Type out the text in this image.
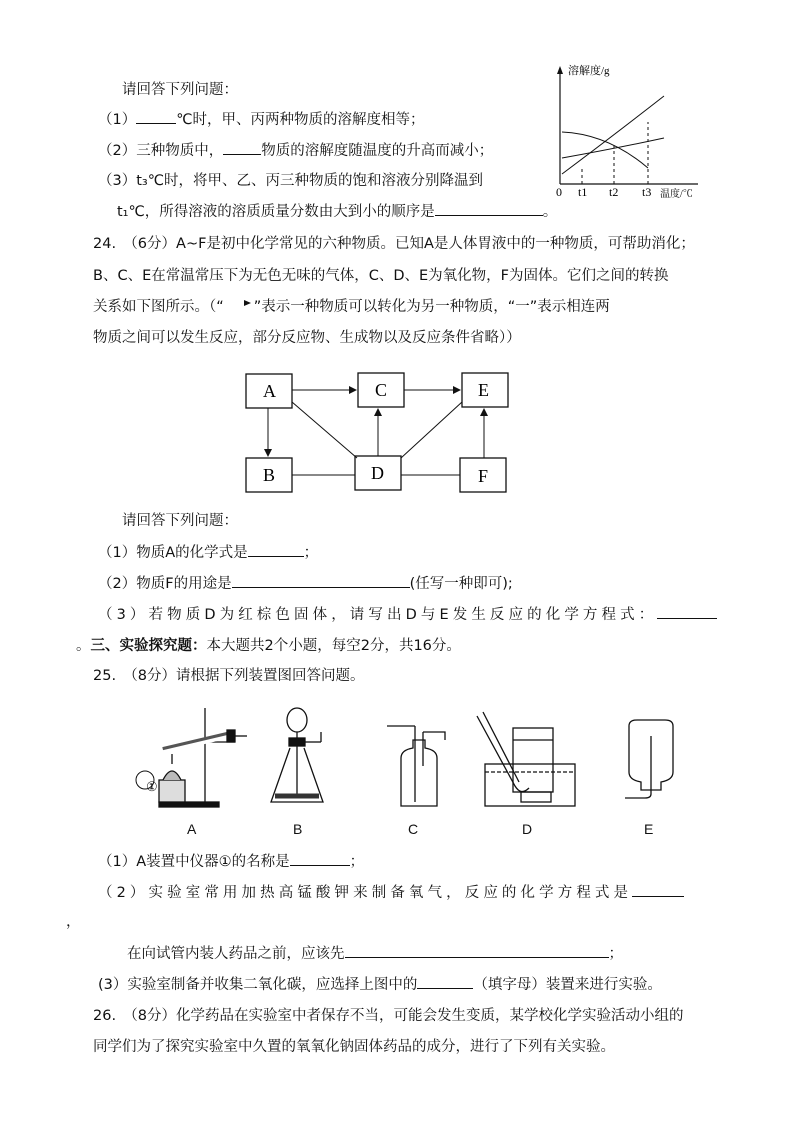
请回答下列问题：
（1）	℃时，甲、丙两种物质的溶解度相等；
（2）三种物质中，	物质的溶解度随温度的升高而减小；
（3）t₃℃时，将甲、乙、丙三种物质的饱和溶液分别降温到
t₁℃，所得溶液的溶质质量分数由大到小的顺序是	。
溶解度/g
0 t1 t2 t3 温度/℃
24.　（6分）A~F是初中化学常见的六种物质。已知A是人体胃液中的一种物质，可帮助消化；
B、C、E在常温常压下为无色无味的气体，C、D、E为氧化物，F为固体。它们之间的转换
关系如下图所示。（“ ”表示一种物质可以转化为另一种物质，“一”表示相连两
物质之间可以发生反应，部分反应物、生成物以及反应条件省略））
A	C	E
B	D	F
请回答下列问题：
（1）物质A的化学式是	；
（2）物质F的用途是	(任写一种即可);
（3）若物质D为红棕色固体，请写出D与E发生反应的化学方程式：
。三、实验探究题：本大题共2个小题，每空2分，共16分。
25.　（8分）请根据下列装置图回答问题。
①
A	B	C	D	E
（1）A装置中仪器①的名称是	；
（2）实验室常用加热高锰酸钾来制备氧气，反应的化学方程式是
，
在向试管内装人药品之前，应该先	；
(3）实验室制备并收集二氧化碳，应选择上图中的	（填字母）装置来进行实验。
26.　（8分）化学药品在实验室中者保存不当，可能会发生变质，某学校化学实验活动小组的
同学们为了探究实验室中久置的氧氧化钠固体药品的成分，进行了下列有关实验。
